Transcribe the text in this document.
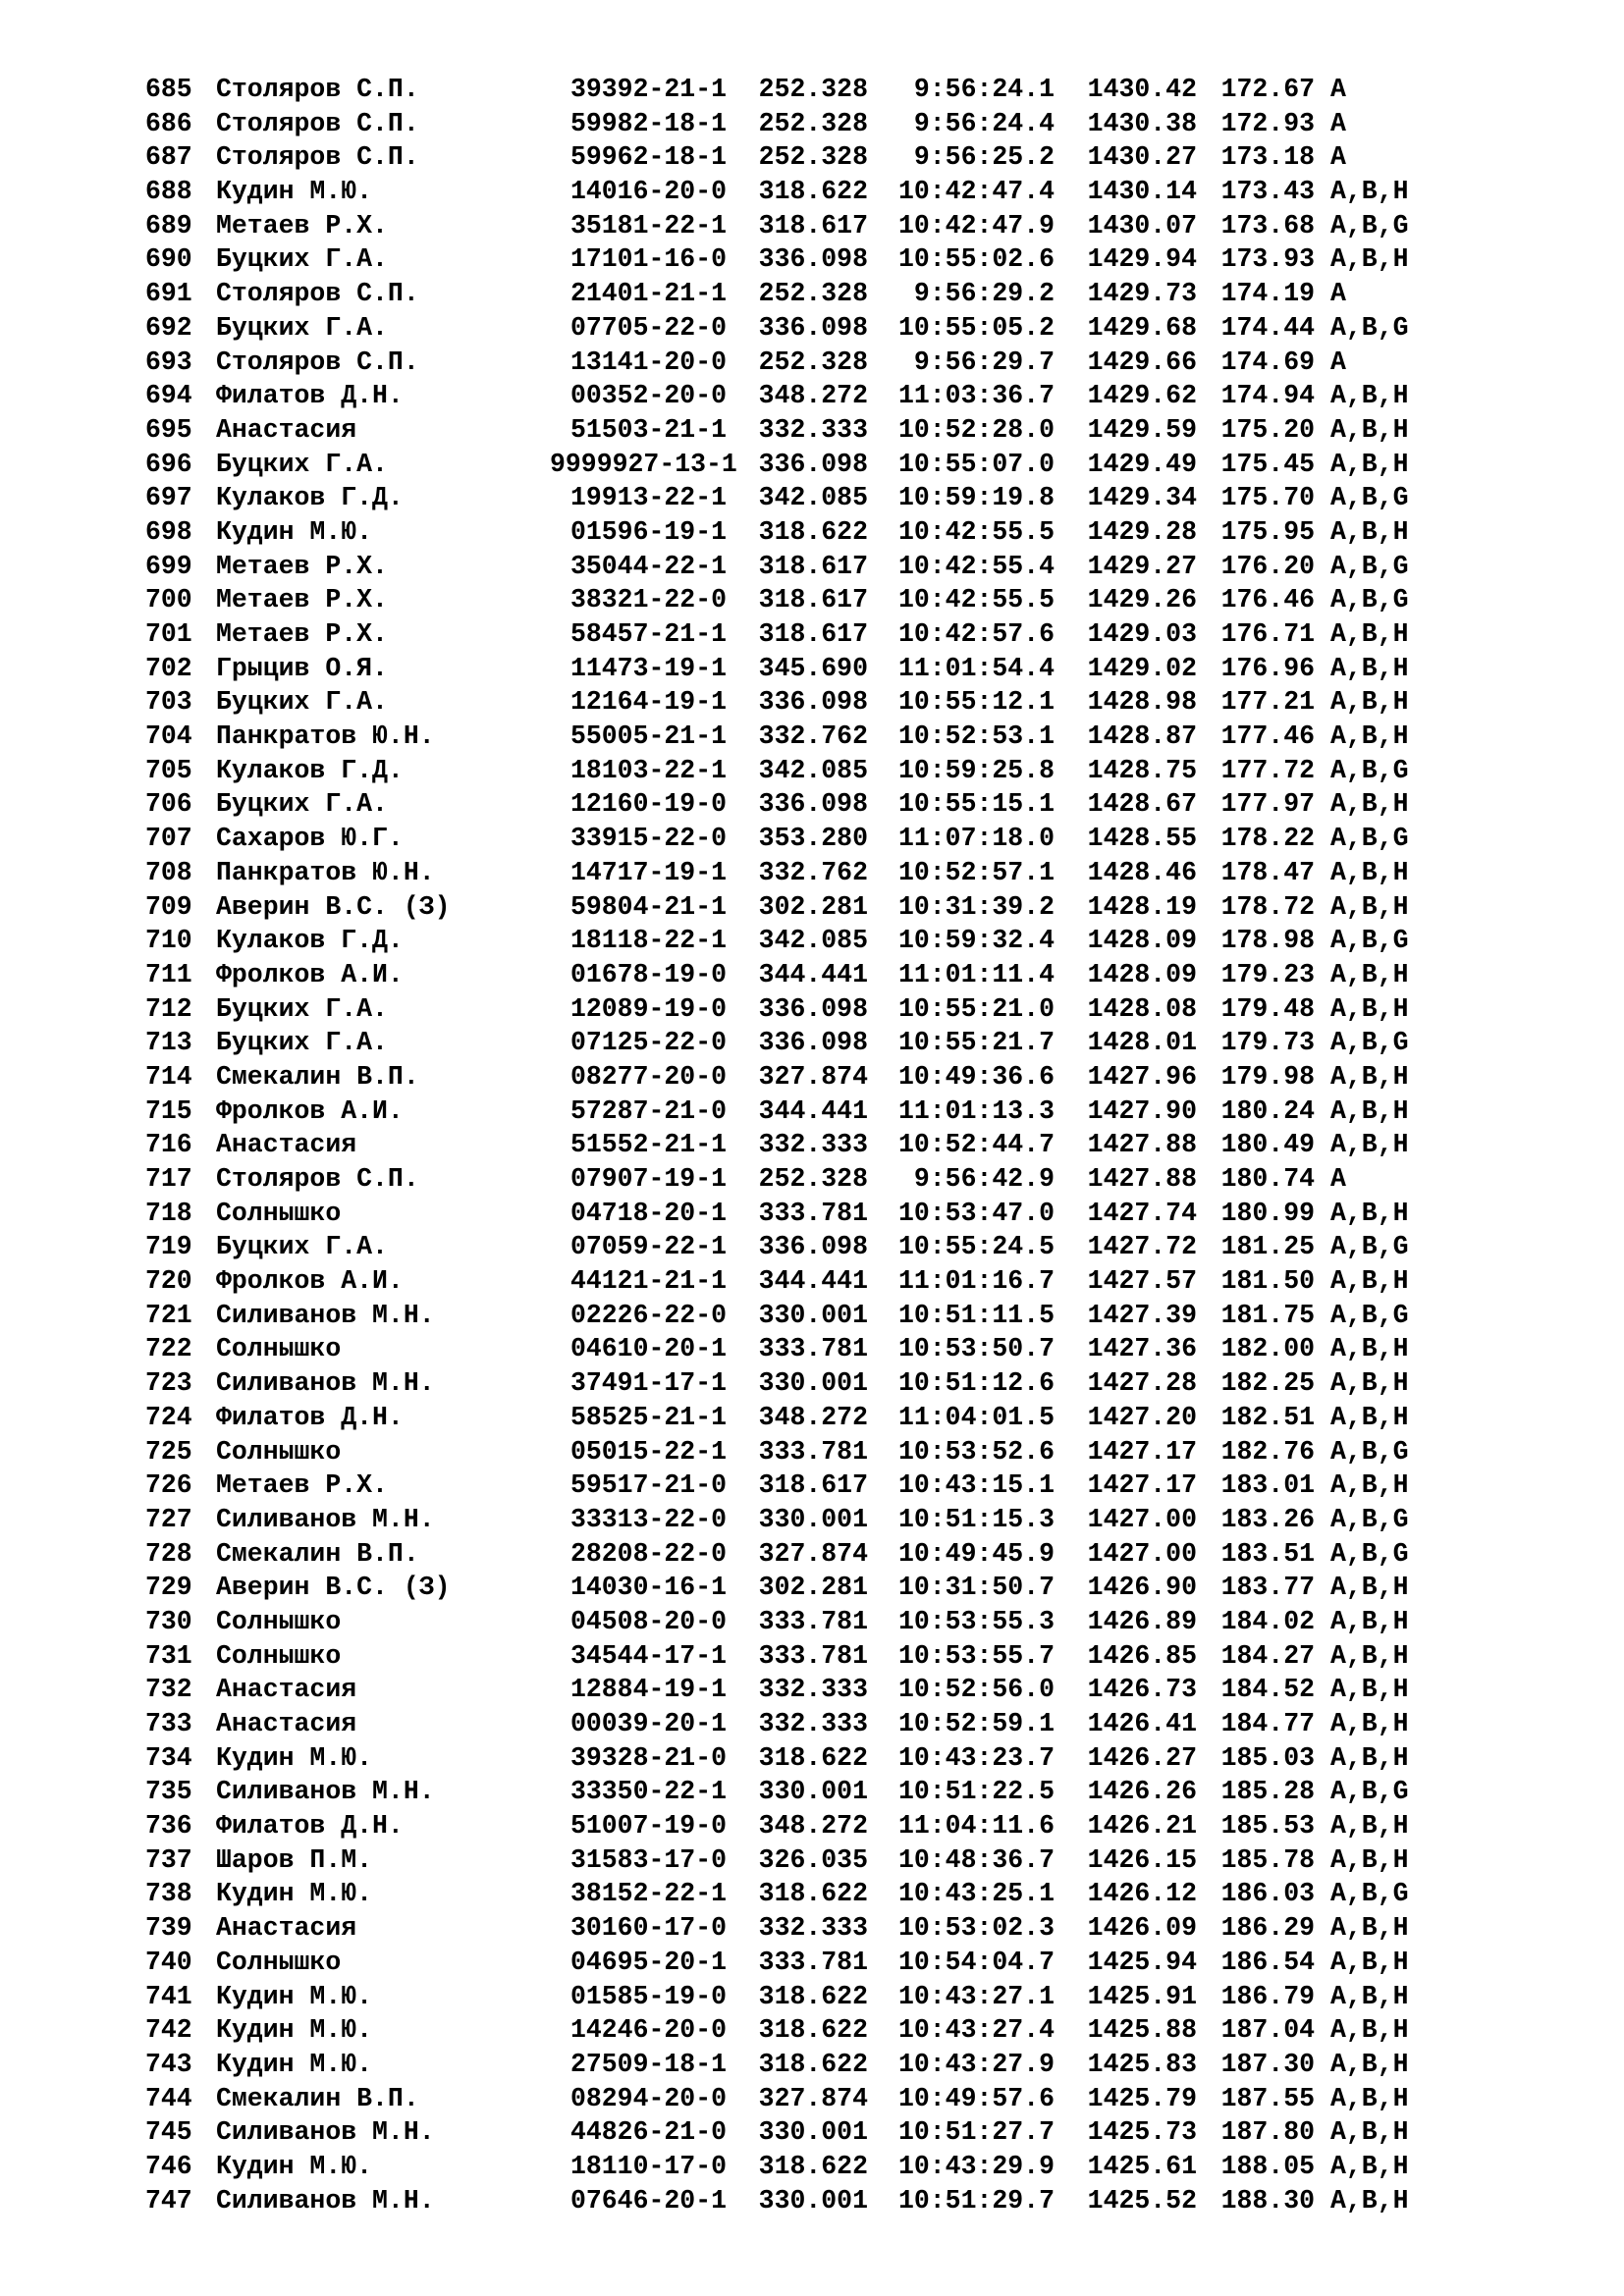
685 Столяров С.П.	39392-21-1	252.328	9:56:24.1	1430.42 172.67 A
686 Столяров С.П.	59982-18-1	252.328	9:56:24.4	1430.38 172.93 A
687 Столяров С.П.	59962-18-1	252.328	9:56:25.2	1430.27 173.18 A
688 Кудин М.Ю.	14016-20-0	318.622	10:42:47.4	1430.14 173.43 A,B,H
689 Метаев Р.Х.	35181-22-1	318.617	10:42:47.9	1430.07 173.68 A,B,G
690 Буцких Г.А.	17101-16-0	336.098	10:55:02.6	1429.94 173.93 A,B,H
691 Столяров С.П.	21401-21-1	252.328	9:56:29.2	1429.73 174.19 A
692 Буцких Г.А.	07705-22-0	336.098	10:55:05.2	1429.68 174.44 A,B,G
693 Столяров С.П.	13141-20-0	252.328	9:56:29.7	1429.66 174.69 A
694 Филатов Д.Н.	00352-20-0	348.272	11:03:36.7	1429.62 174.94 A,B,H
695 Анастасия	51503-21-1	332.333	10:52:28.0	1429.59 175.20 A,B,H
696 Буцких Г.А.	9999927-13-1 336.098	10:55:07.0	1429.49 175.45 A,B,H
697 Кулаков Г.Д.	19913-22-1	342.085	10:59:19.8	1429.34 175.70 A,B,G
698 Кудин М.Ю.	01596-19-1	318.622	10:42:55.5	1429.28 175.95 A,B,H
699 Метаев Р.Х.	35044-22-1	318.617	10:42:55.4	1429.27 176.20 A,B,G
700 Метаев Р.Х.	38321-22-0	318.617	10:42:55.5	1429.26 176.46 A,B,G
701 Метаев Р.Х.	58457-21-1	318.617	10:42:57.6	1429.03 176.71 A,B,H
702 Грыцив О.Я.	11473-19-1	345.690	11:01:54.4	1429.02 176.96 A,B,H
703 Буцких Г.А.	12164-19-1	336.098	10:55:12.1	1428.98 177.21 A,B,H
704 Панкратов Ю.Н.	55005-21-1	332.762	10:52:53.1	1428.87 177.46 A,B,H
705 Кулаков Г.Д.	18103-22-1	342.085	10:59:25.8	1428.75 177.72 A,B,G
706 Буцких Г.А.	12160-19-0	336.098	10:55:15.1	1428.67 177.97 A,B,H
707 Сахаров Ю.Г.	33915-22-0	353.280	11:07:18.0	1428.55 178.22 A,B,G
708 Панкратов Ю.Н.	14717-19-1	332.762	10:52:57.1	1428.46 178.47 A,B,H
709 Аверин В.С. (З)	59804-21-1	302.281	10:31:39.2	1428.19 178.72 A,B,H
710 Кулаков Г.Д.	18118-22-1	342.085	10:59:32.4	1428.09 178.98 A,B,G
711 Фролков А.И.	01678-19-0	344.441	11:01:11.4	1428.09 179.23 A,B,H
712 Буцких Г.А.	12089-19-0	336.098	10:55:21.0	1428.08 179.48 A,B,H
713 Буцких Г.А.	07125-22-0	336.098	10:55:21.7	1428.01 179.73 A,B,G
714 Смекалин В.П.	08277-20-0	327.874	10:49:36.6	1427.96 179.98 A,B,H
715 Фролков А.И.	57287-21-0	344.441	11:01:13.3	1427.90 180.24 A,B,H
716 Анастасия	51552-21-1	332.333	10:52:44.7	1427.88 180.49 A,B,H
717 Столяров С.П.	07907-19-1	252.328	9:56:42.9	1427.88 180.74 A
718 Солнышко	04718-20-1	333.781	10:53:47.0	1427.74 180.99 A,B,H
719 Буцких Г.А.	07059-22-1	336.098	10:55:24.5	1427.72 181.25 A,B,G
720 Фролков А.И.	44121-21-1	344.441	11:01:16.7	1427.57 181.50 A,B,H
721 Силиванов М.Н.	02226-22-0	330.001	10:51:11.5	1427.39 181.75 A,B,G
722 Солнышко	04610-20-1	333.781	10:53:50.7	1427.36 182.00 A,B,H
723 Силиванов М.Н.	37491-17-1	330.001	10:51:12.6	1427.28 182.25 A,B,H
724 Филатов Д.Н.	58525-21-1	348.272	11:04:01.5	1427.20 182.51 A,B,H
725 Солнышко	05015-22-1	333.781	10:53:52.6	1427.17 182.76 A,B,G
726 Метаев Р.Х.	59517-21-0	318.617	10:43:15.1	1427.17 183.01 A,B,H
727 Силиванов М.Н.	33313-22-0	330.001	10:51:15.3	1427.00 183.26 A,B,G
728 Смекалин В.П.	28208-22-0	327.874	10:49:45.9	1427.00 183.51 A,B,G
729 Аверин В.С. (З)	14030-16-1	302.281	10:31:50.7	1426.90 183.77 A,B,H
730 Солнышко	04508-20-0	333.781	10:53:55.3	1426.89 184.02 A,B,H
731 Солнышко	34544-17-1	333.781	10:53:55.7	1426.85 184.27 A,B,H
732 Анастасия	12884-19-1	332.333	10:52:56.0	1426.73 184.52 A,B,H
733 Анастасия	00039-20-1	332.333	10:52:59.1	1426.41 184.77 A,B,H
734 Кудин М.Ю.	39328-21-0	318.622	10:43:23.7	1426.27 185.03 A,B,H
735 Силиванов М.Н.	33350-22-1	330.001	10:51:22.5	1426.26 185.28 A,B,G
736 Филатов Д.Н.	51007-19-0	348.272	11:04:11.6	1426.21 185.53 A,B,H
737 Шаров П.М.	31583-17-0	326.035	10:48:36.7	1426.15 185.78 A,B,H
738 Кудин М.Ю.	38152-22-1	318.622	10:43:25.1	1426.12 186.03 A,B,G
739 Анастасия	30160-17-0	332.333	10:53:02.3	1426.09 186.29 A,B,H
740 Солнышко	04695-20-1	333.781	10:54:04.7	1425.94 186.54 A,B,H
741 Кудин М.Ю.	01585-19-0	318.622	10:43:27.1	1425.91 186.79 A,B,H
742 Кудин М.Ю.	14246-20-0	318.622	10:43:27.4	1425.88 187.04 A,B,H
743 Кудин М.Ю.	27509-18-1	318.622	10:43:27.9	1425.83 187.30 A,B,H
744 Смекалин В.П.	08294-20-0	327.874	10:49:57.6	1425.79 187.55 A,B,H
745 Силиванов М.Н.	44826-21-0	330.001	10:51:27.7	1425.73 187.80 A,B,H
746 Кудин М.Ю.	18110-17-0	318.622	10:43:29.9	1425.61 188.05 A,B,H
747 Силиванов М.Н.	07646-20-1	330.001	10:51:29.7	1425.52 188.30 A,B,H
